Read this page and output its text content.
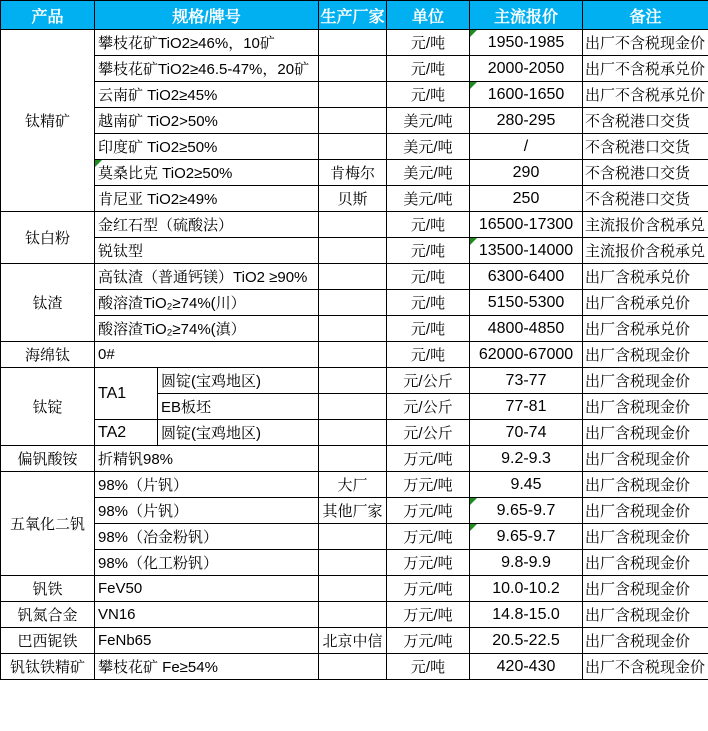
产品	规格/牌号		生产厂家	单位	主流报价	备注
钛精矿	攀枝花矿TiO2≥46%，10矿			元/吨	1950-1985	出厂不含税现金价
	攀枝花矿TiO2≥46.5-47%，20矿			元/吨	2000-2050	出厂不含税承兑价
	云南矿 TiO2≥45%			元/吨	1600-1650	出厂不含税承兑价
	越南矿 TiO2>50%			美元/吨	280-295	不含税港口交货
	印度矿 TiO2≥50%			美元/吨	/	不含税港口交货
	莫桑比克 TiO2≥50%		肯梅尔	美元/吨	290	不含税港口交货
	肯尼亚 TiO2≥49%		贝斯	美元/吨	250	不含税港口交货
钛白粉	金红石型（硫酸法）			元/吨	16500-17300	主流报价含税承兑
	锐钛型			元/吨	13500-14000	主流报价含税承兑
钛渣	高钛渣（普通钙镁）TiO2 ≥90%			元/吨	6300-6400	出厂含税承兑价
	酸溶渣TiO₂≥74%(川）			元/吨	5150-5300	出厂含税承兑价
	酸溶渣TiO₂≥74%(滇）			元/吨	4800-4850	出厂含税承兑价
海绵钛	0#			元/吨	62000-67000	出厂含税现金价
钛锭	TA1	圆锭(宝鸡地区)		元/公斤	73-77	出厂含税现金价
		EB板坯		元/公斤	77-81	出厂含税现金价
	TA2	圆锭(宝鸡地区)		元/公斤	70-74	出厂含税现金价
偏钒酸铵	折精钒98%			万元/吨	9.2-9.3	出厂含税现金价
五氧化二钒	98%（片钒）		大厂	万元/吨	9.45	出厂含税现金价
	98%（片钒）		其他厂家	万元/吨	9.65-9.7	出厂含税现金价
	98%（冶金粉钒）			万元/吨	9.65-9.7	出厂含税现金价
	98%（化工粉钒）			万元/吨	9.8-9.9	出厂含税现金价
钒铁	FeV50			万元/吨	10.0-10.2	出厂含税现金价
钒氮合金	VN16			万元/吨	14.8-15.0	出厂含税现金价
巴西铌铁	FeNb65		北京中信	万元/吨	20.5-22.5	出厂含税现金价
钒钛铁精矿	攀枝花矿 Fe≥54%			元/吨	420-430	出厂不含税现金价
